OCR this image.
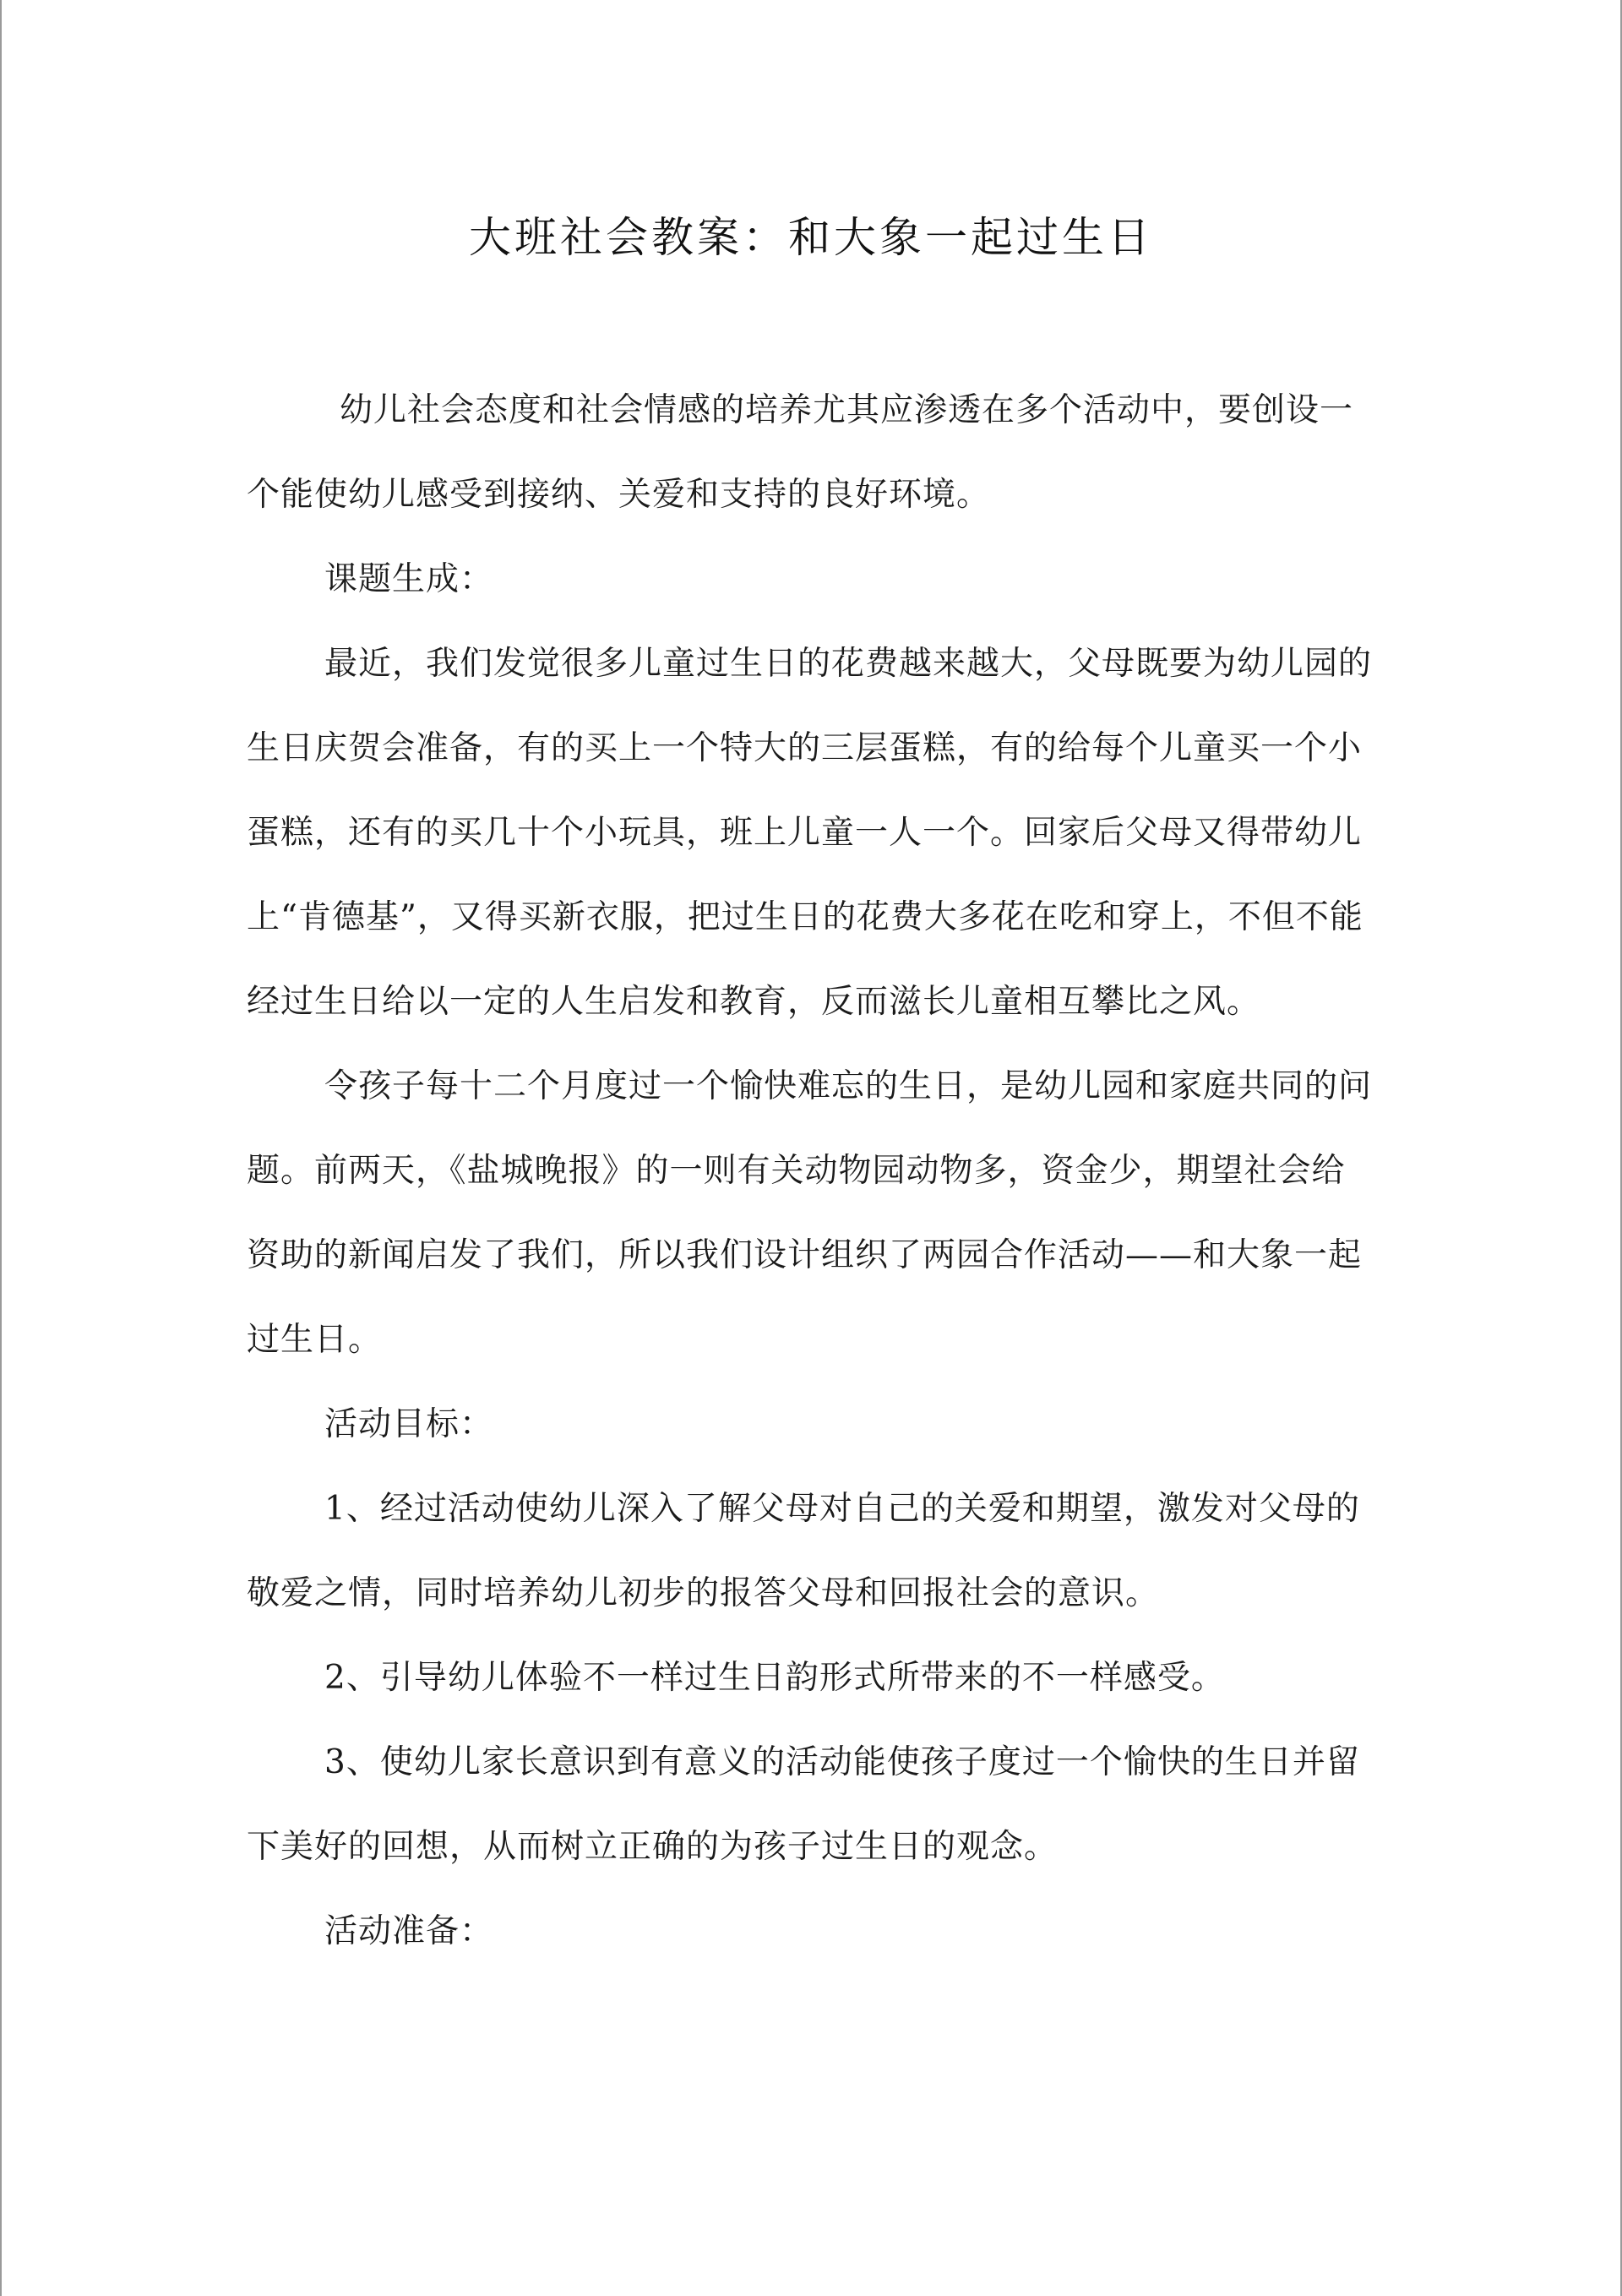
大班社会教案：和大象一起过生日

幼儿社会态度和社会情感的培养尤其应渗透在多个活动中，要创设一个能使幼儿感受到接纳、关爱和支持的良好环境。

课题生成：

最近，我们发觉很多儿童过生日的花费越来越大，父母既要为幼儿园的生日庆贺会准备，有的买上一个特大的三层蛋糕，有的给每个儿童买一个小蛋糕，还有的买几十个小玩具，班上儿童一人一个。回家后父母又得带幼儿上“肯德基”，又得买新衣服，把过生日的花费大多花在吃和穿上，不但不能经过生日给以一定的人生启发和教育，反而滋长儿童相互攀比之风。

令孩子每十二个月度过一个愉快难忘的生日，是幼儿园和家庭共同的问题。前两天，《盐城晚报》的一则有关动物园动物多，资金少，期望社会给资助的新闻启发了我们，所以我们设计组织了两园合作活动——和大象一起过生日。

活动目标：

1、经过活动使幼儿深入了解父母对自己的关爱和期望，激发对父母的敬爱之情，同时培养幼儿初步的报答父母和回报社会的意识。

2、引导幼儿体验不一样过生日韵形式所带来的不一样感受。

3、使幼儿家长意识到有意义的活动能使孩子度过一个愉快的生日并留下美好的回想，从而树立正确的为孩子过生日的观念。

活动准备：
